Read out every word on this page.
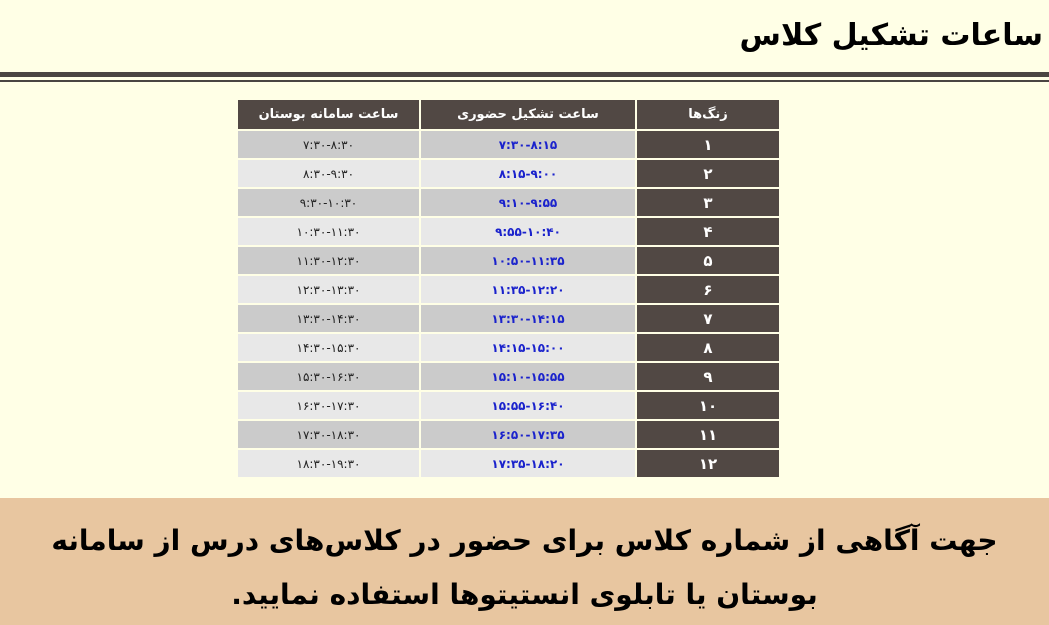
ساعات تشکیل کلاس
زنگ‌ها	ساعت تشکیل حضوری	ساعت سامانه بوستان
۱	۷:۳۰-۸:۱۵	۷:۳۰-۸:۳۰
۲	۸:۱۵-۹:۰۰	۸:۳۰-۹:۳۰
۳	۹:۱۰-۹:۵۵	۹:۳۰-۱۰:۳۰
۴	۹:۵۵-۱۰:۴۰	۱۰:۳۰-۱۱:۳۰
۵	۱۰:۵۰-۱۱:۳۵	۱۱:۳۰-۱۲:۳۰
۶	۱۱:۳۵-۱۲:۲۰	۱۲:۳۰-۱۳:۳۰
۷	۱۳:۳۰-۱۴:۱۵	۱۳:۳۰-۱۴:۳۰
۸	۱۴:۱۵-۱۵:۰۰	۱۴:۳۰-۱۵:۳۰
۹	۱۵:۱۰-۱۵:۵۵	۱۵:۳۰-۱۶:۳۰
۱۰	۱۵:۵۵-۱۶:۴۰	۱۶:۳۰-۱۷:۳۰
۱۱	۱۶:۵۰-۱۷:۳۵	۱۷:۳۰-۱۸:۳۰
۱۲	۱۷:۳۵-۱۸:۲۰	۱۸:۳۰-۱۹:۳۰
جهت آگاهی از شماره کلاس برای حضور در کلاس‌های درس از سامانه بوستان یا تابلوی انستیتوها استفاده نمایید.
